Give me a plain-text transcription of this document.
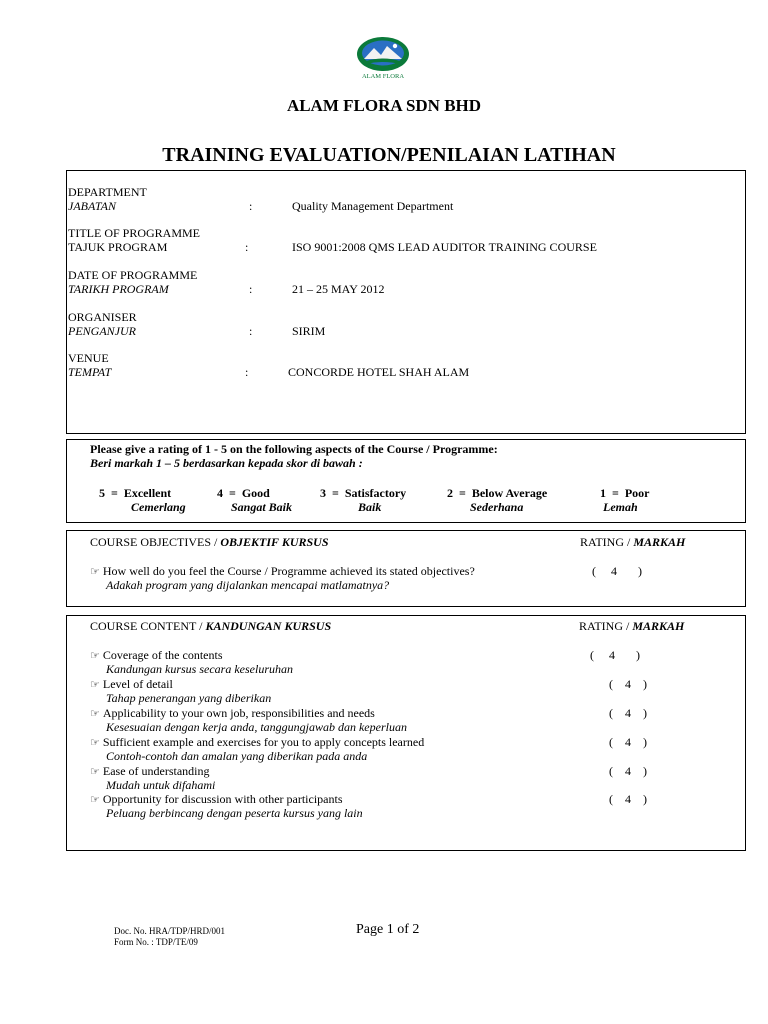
ALAM FLORA
ALAM FLORA SDN BHD
TRAINING EVALUATION/PENILAIAN LATIHAN
DEPARTMENT
JABATAN	:	Quality Management Department
TITLE OF PROGRAMME
TAJUK PROGRAM	:	ISO 9001:2008 QMS LEAD AUDITOR TRAINING COURSE
DATE OF PROGRAMME
TARIKH PROGRAM	:	21 – 25 MAY 2012
ORGANISER
PENGANJUR	:	SIRIM
VENUE
TEMPAT	:	CONCORDE HOTEL SHAH ALAM
Please give a rating of 1 - 5 on the following aspects of the Course / Programme:
Beri markah 1 – 5 berdasarkan kepada skor di bawah :
5  =  Excellent
Cemerlang
4  =  Good
Sangat Baik
3  =  Satisfactory
Baik
2  =  Below Average
Sederhana
1  =  Poor
Lemah
COURSE OBJECTIVES / OBJEKTIF KURSUS	RATING / MARKAH
☞ How well do you feel the Course / Programme achieved its stated objectives?
Adakah program yang dijalankan mencapai matlamatnya?
(     4       )
COURSE CONTENT / KANDUNGAN KURSUS	RATING / MARKAH
☞ Coverage of the contents
Kandungan kursus secara keseluruhan
(     4       )
☞ Level of detail
Tahap penerangan yang diberikan
(    4    )
☞ Applicability to your own job, responsibilities and needs
Kesesuaian dengan kerja anda, tanggungjawab dan keperluan
(    4    )
☞ Sufficient example and exercises for you to apply concepts learned
Contoh-contoh dan amalan yang diberikan pada anda
(    4    )
☞ Ease of understanding
Mudah untuk difahami
(    4    )
☞ Opportunity for discussion with other participants
Peluang berbincang dengan peserta kursus yang lain
(    4    )
Doc. No. HRA/TDP/HRD/001
Form No. : TDP/TE/09
Page 1 of 2
